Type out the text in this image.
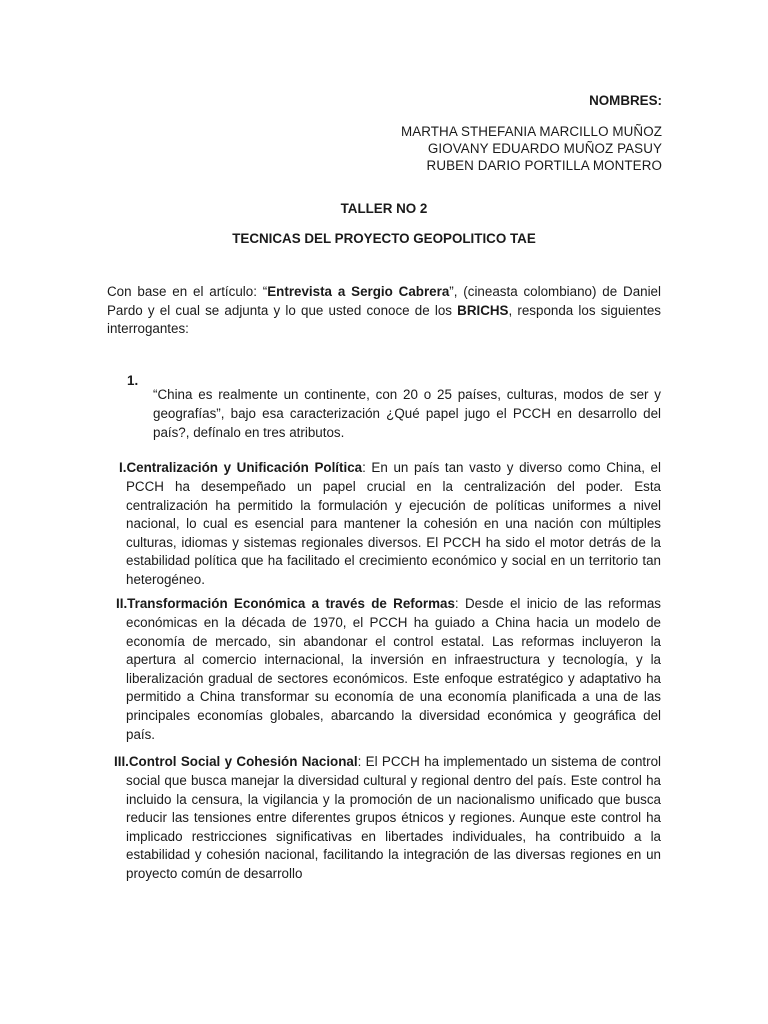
NOMBRES:

MARTHA STHEFANIA MARCILLO MUÑOZ
GIOVANY EDUARDO MUÑOZ PASUY
RUBEN DARIO PORTILLA MONTERO

TALLER NO 2

TECNICAS DEL PROYECTO GEOPOLITICO TAE

Con base en el artículo: “Entrevista a Sergio Cabrera”, (cineasta colombiano) de Daniel Pardo y el cual se adjunta y lo que usted conoce de los BRICHS, responda los siguientes interrogantes:

1.

“China es realmente un continente, con 20 o 25 países, culturas, modos de ser y geografías”, bajo esa caracterización ¿Qué papel jugo el PCCH en desarrollo del país?, defínalo en tres atributos.

I.Centralización y Unificación Política: En un país tan vasto y diverso como China, el PCCH ha desempeñado un papel crucial en la centralización del poder. Esta centralización ha permitido la formulación y ejecución de políticas uniformes a nivel nacional, lo cual es esencial para mantener la cohesión en una nación con múltiples culturas, idiomas y sistemas regionales diversos. El PCCH ha sido el motor detrás de la estabilidad política que ha facilitado el crecimiento económico y social en un territorio tan heterogéneo.

II.Transformación Económica a través de Reformas: Desde el inicio de las reformas económicas en la década de 1970, el PCCH ha guiado a China hacia un modelo de economía de mercado, sin abandonar el control estatal. Las reformas incluyeron la apertura al comercio internacional, la inversión en infraestructura y tecnología, y la liberalización gradual de sectores económicos. Este enfoque estratégico y adaptativo ha permitido a China transformar su economía de una economía planificada a una de las principales economías globales, abarcando la diversidad económica y geográfica del país.

III.Control Social y Cohesión Nacional: El PCCH ha implementado un sistema de control social que busca manejar la diversidad cultural y regional dentro del país. Este control ha incluido la censura, la vigilancia y la promoción de un nacionalismo unificado que busca reducir las tensiones entre diferentes grupos étnicos y regiones. Aunque este control ha implicado restricciones significativas en libertades individuales, ha contribuido a la estabilidad y cohesión nacional, facilitando la integración de las diversas regiones en un proyecto común de desarrollo
